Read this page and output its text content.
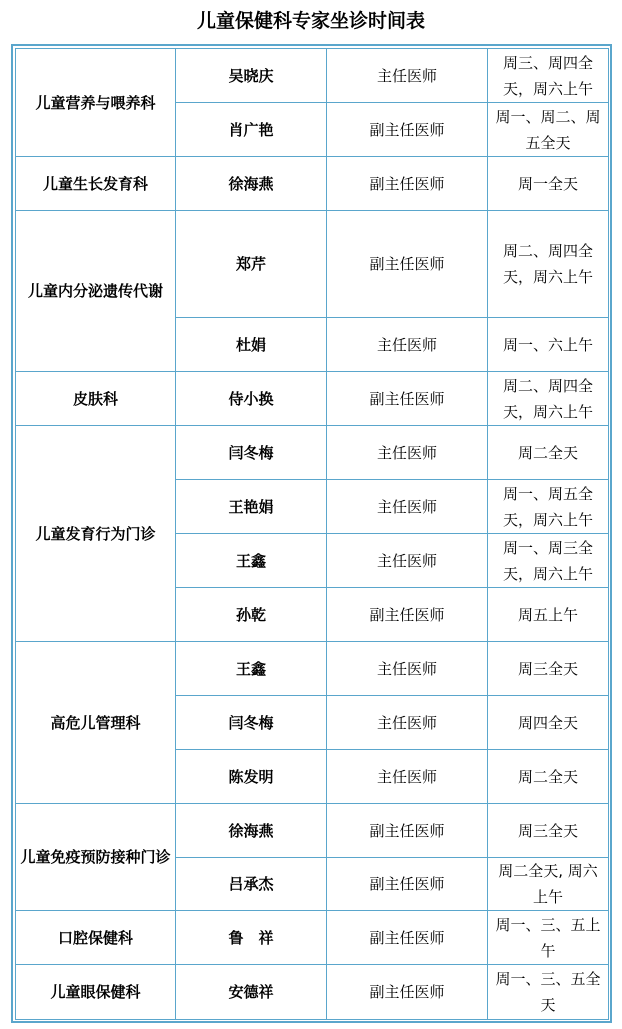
儿童保健科专家坐诊时间表
儿童营养与喂养科	吴晓庆	主任医师	周三、周四全天，周六上午
	肖广艳	副主任医师	周一、周二、周五全天
儿童生长发育科	徐海燕	副主任医师	周一全天
儿童内分泌遗传代谢	郑芹	副主任医师	周二、周四全天，周六上午
	杜娟	主任医师	周一、六上午
皮肤科	侍小换	副主任医师	周二、周四全天，周六上午
儿童发育行为门诊	闫冬梅	主任医师	周二全天
	王艳娟	主任医师	周一、周五全天，周六上午
	王鑫	主任医师	周一、周三全天，周六上午
	孙乾	副主任医师	周五上午
高危儿管理科	王鑫	主任医师	周三全天
	闫冬梅	主任医师	周四全天
	陈发明	主任医师	周二全天
儿童免疫预防接种门诊	徐海燕	副主任医师	周三全天
	吕承杰	副主任医师	周二全天, 周六上午
口腔保健科	鲁　祥	副主任医师	周一、三、五上午
儿童眼保健科	安德祥	副主任医师	周一、三、五全天
